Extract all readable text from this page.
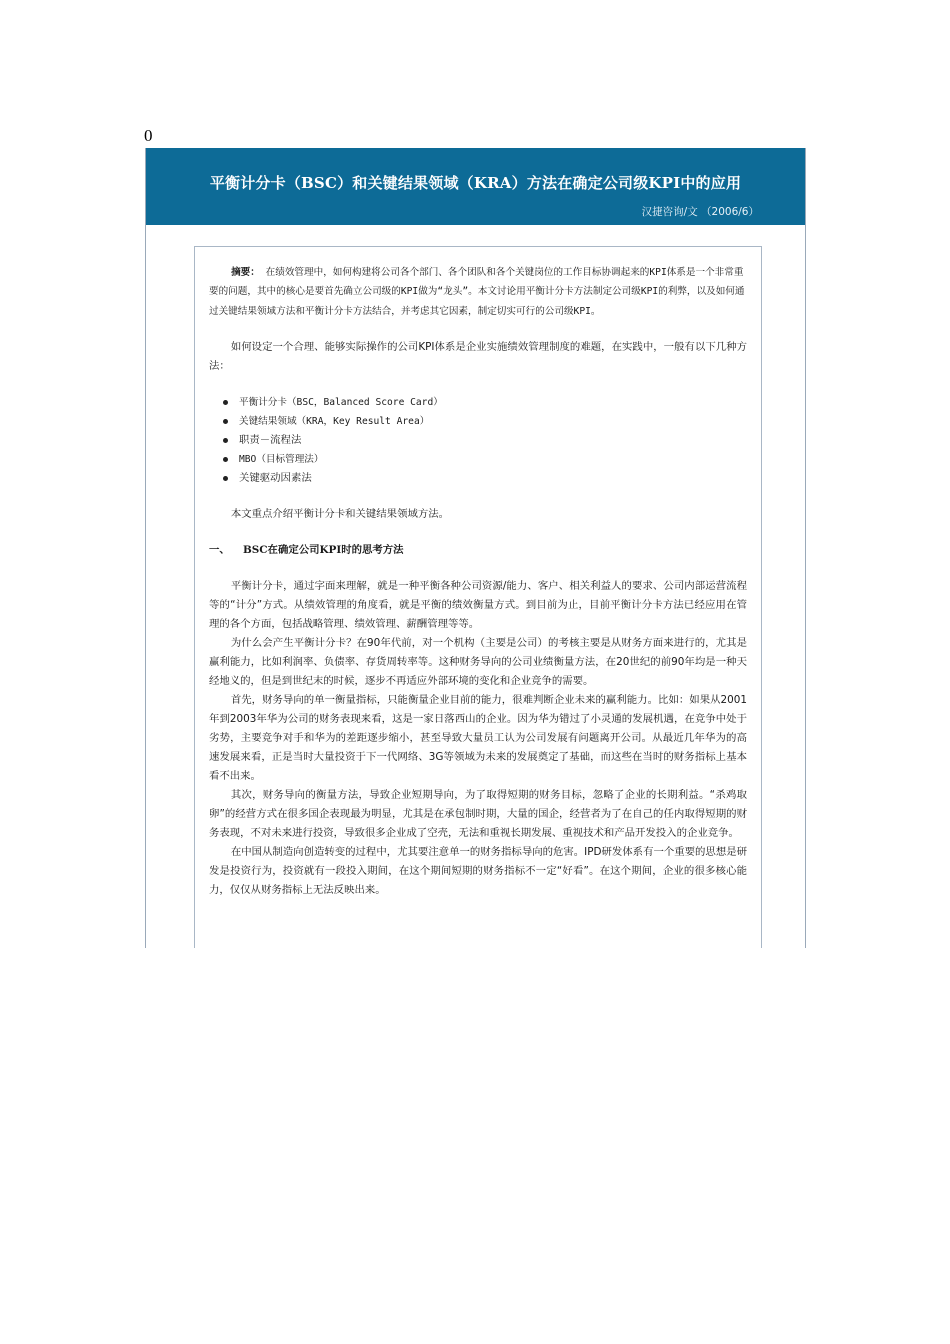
0
平衡计分卡（BSC）和关键结果领域（KRA）方法在确定公司级KPI中的应用
汉捷咨询/文 （2006/6）

摘要： 在绩效管理中，如何构建将公司各个部门、各个团队和各个关键岗位的工作目标协调起来的KPI体系是一个非常重要的问题，其中的核心是要首先确立公司级的KPI做为“龙头”。本文讨论用平衡计分卡方法制定公司级KPI的利弊，以及如何通过关键结果领域方法和平衡计分卡方法结合，并考虑其它因素，制定切实可行的公司级KPI。

如何设定一个合理、能够实际操作的公司KPI体系是企业实施绩效管理制度的难题，在实践中，一般有以下几种方法：

平衡计分卡（BSC，Balanced Score Card）
关键结果领域（KRA，Key Result Area）
职责－流程法
MBO（目标管理法）
关键驱动因素法

本文重点介绍平衡计分卡和关键结果领域方法。

一、 BSC在确定公司KPI时的思考方法

平衡计分卡，通过字面来理解，就是一种平衡各种公司资源/能力、客户、相关利益人的要求、公司内部运营流程等的“计分”方式。从绩效管理的角度看，就是平衡的绩效衡量方式。到目前为止，目前平衡计分卡方法已经应用在管理的各个方面，包括战略管理、绩效管理、薪酬管理等等。

为什么会产生平衡计分卡？在90年代前，对一个机构（主要是公司）的考核主要是从财务方面来进行的，尤其是赢利能力，比如利润率、负债率、存货周转率等。这种财务导向的公司业绩衡量方法，在20世纪的前90年均是一种天经地义的，但是到世纪末的时候，逐步不再适应外部环境的变化和企业竞争的需要。

首先，财务导向的单一衡量指标，只能衡量企业目前的能力，很难判断企业未来的赢利能力。比如：如果从2001年到2003年华为公司的财务表现来看，这是一家日落西山的企业。因为华为错过了小灵通的发展机遇，在竞争中处于劣势，主要竞争对手和华为的差距逐步缩小，甚至导致大量员工认为公司发展有问题离开公司。从最近几年华为的高速发展来看，正是当时大量投资于下一代网络、3G等领域为未来的发展奠定了基础，而这些在当时的财务指标上基本看不出来。

其次，财务导向的衡量方法，导致企业短期导向，为了取得短期的财务目标，忽略了企业的长期利益。“杀鸡取卵”的经营方式在很多国企表现最为明显，尤其是在承包制时期，大量的国企，经营者为了在自己的任内取得短期的财务表现，不对未来进行投资，导致很多企业成了空壳，无法和重视长期发展、重视技术和产品开发投入的企业竞争。

在中国从制造向创造转变的过程中，尤其要注意单一的财务指标导向的危害。IPD研发体系有一个重要的思想是研发是投资行为，投资就有一段投入期间，在这个期间短期的财务指标不一定“好看”。在这个期间，企业的很多核心能力，仅仅从财务指标上无法反映出来。
